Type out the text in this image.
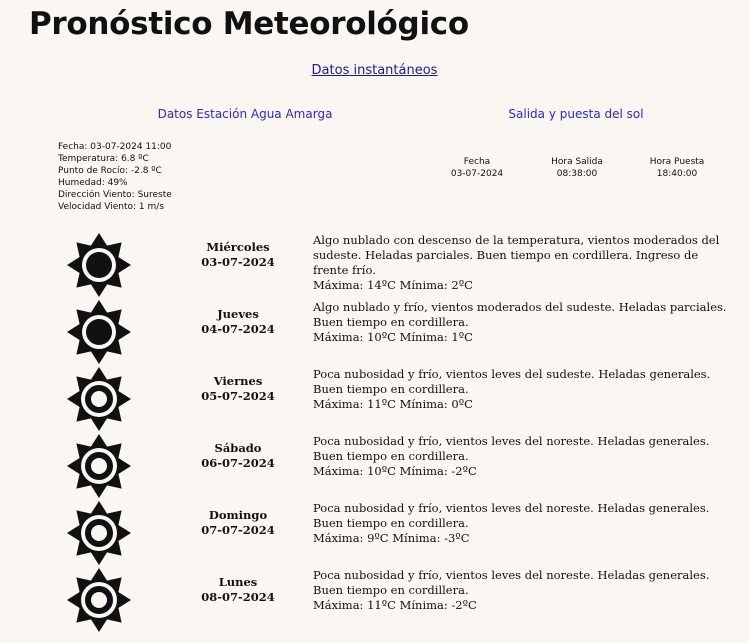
Pronóstico Meteorológico
Datos instantáneos
Datos Estación Agua Amarga	Salida y puesta del sol
Fecha: 03-07-2024 11:00
Temperatura: 6.8 ºC
Punto de Rocío: -2.8 ºC
Humedad: 49%
Dirección Viento: Sureste
Velocidad Viento: 1 m/s
Fecha	Hora Salida	Hora Puesta
03-07-2024	08:38:00	18:40:00
Miércoles
03-07-2024
Algo nublado con descenso de la temperatura, vientos moderados del sudeste. Heladas parciales. Buen tiempo en cordillera. Ingreso de frente frío.
Máxima: 14ºC Mínima: 2ºC
Jueves
04-07-2024
Algo nublado y frío, vientos moderados del sudeste. Heladas parciales. Buen tiempo en cordillera.
Máxima: 10ºC Mínima: 1ºC
Viernes
05-07-2024
Poca nubosidad y frío, vientos leves del sudeste. Heladas generales. Buen tiempo en cordillera.
Máxima: 11ºC Mínima: 0ºC
Sábado
06-07-2024
Poca nubosidad y frío, vientos leves del noreste. Heladas generales. Buen tiempo en cordillera.
Máxima: 10ºC Mínima: -2ºC
Domingo
07-07-2024
Poca nubosidad y frío, vientos leves del noreste. Heladas generales. Buen tiempo en cordillera.
Máxima: 9ºC Mínima: -3ºC
Lunes
08-07-2024
Poca nubosidad y frío, vientos leves del noreste. Heladas generales. Buen tiempo en cordillera.
Máxima: 11ºC Mínima: -2ºC
